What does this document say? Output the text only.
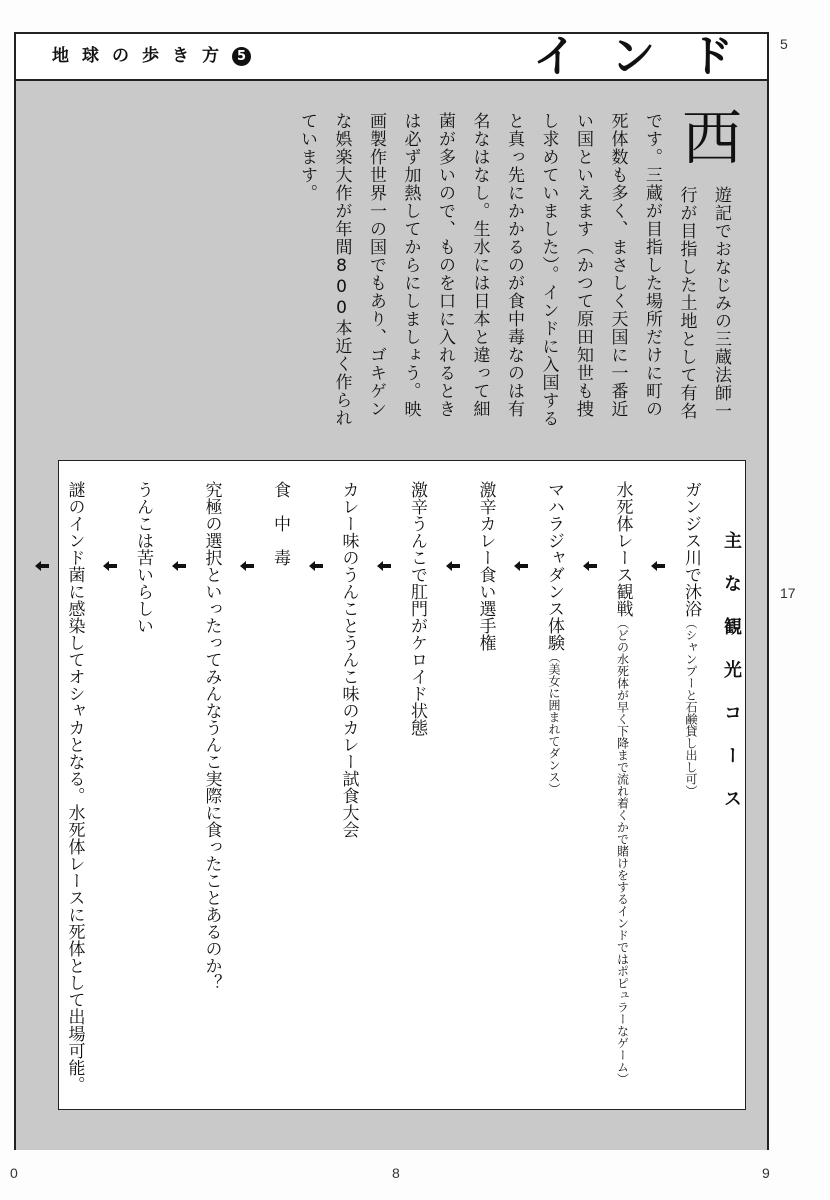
地球の歩き方 5	インド
西
遊記でおなじみの三蔵法師一
行が目指した土地として有名
です。三蔵が目指した場所だけに町の
死体数も多く、まさしく天国に一番近
い国といえます（かつて原田知世も捜
し求めていました）。インドに入国する
と真っ先にかかるのが食中毒なのは有
名なはなし。生水には日本と違って細
菌が多いので、ものを口に入れるとき
は必ず加熱してからにしましょう。映
画製作世界一の国でもあり、ゴキゲン
な娯楽大作が年間800本近く作られ
ています。
主な観光コース
ガンジス川で沐浴（シャンプーと石鹸貸し出し可）
水死体レース観戦（どの水死体が早く下降まで流れ着くかで賭けをするインドではポピュラーなゲーム）
マハラジャダンス体験（美女に囲まれてダンス）
激辛カレー食い選手権
激辛うんこで肛門がケロイド状態
カレー味のうんことうんこ味のカレー試食大会
食　中　毒
究極の選択といったってみんなうんこ実際に食ったことあるのか？
うんこは苦いらしい
謎のインド菌に感染してオシャカとなる。水死体レースに死体として出場可能。
5
17
0	8	9
